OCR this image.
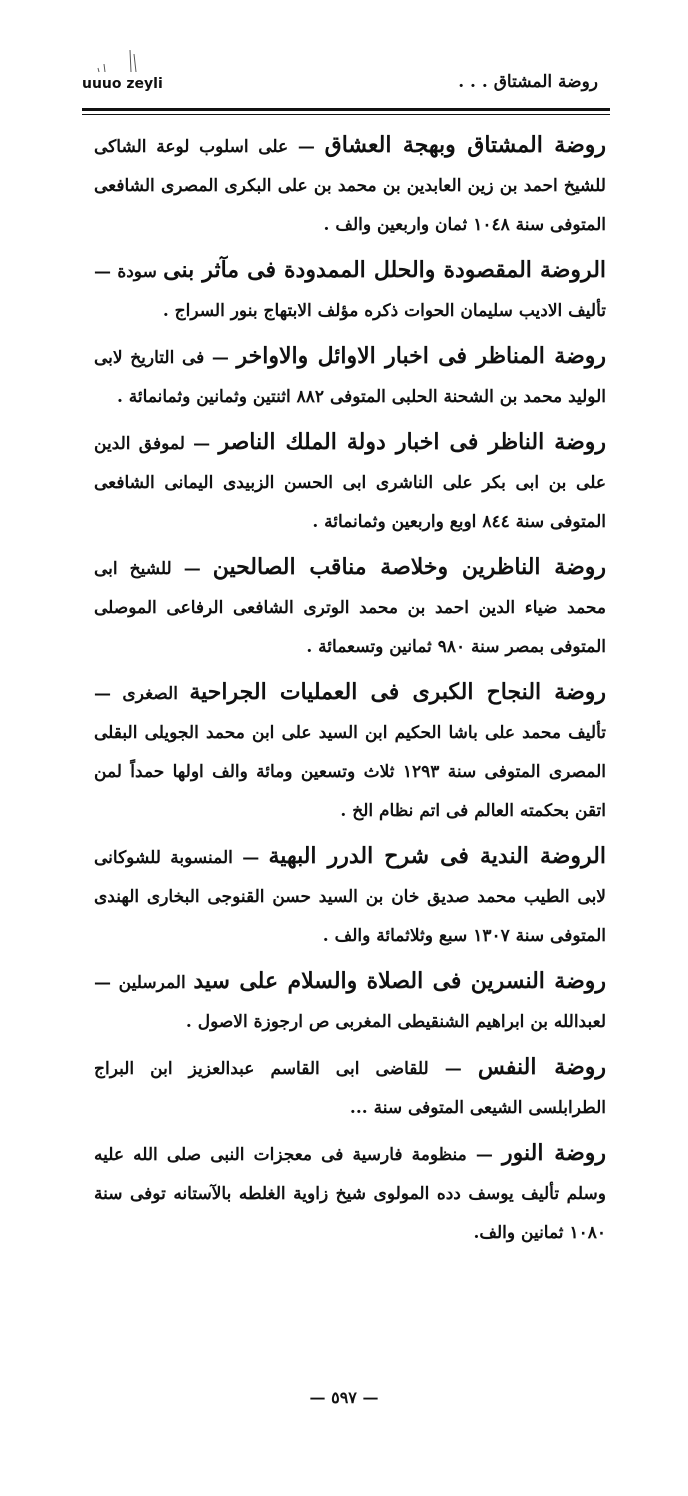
uuuo zeyli	روضة المشتاق . . .

روضة المشتاق وبهجة العشاق — على اسلوب لوعة الشاكى للشيخ احمد بن زين العابدين بن محمد بن على البكرى المصرى الشافعى المتوفى سنة ١٠٤٨ ثمان واربعين والف .

الروضة المقصودة والحلل الممدودة فى مآثر بنى سودة — تأليف الاديب سليمان الحوات ذكره مؤلف الابتهاج بنور السراج .

روضة المناظر فى اخبار الاوائل والاواخر — فى التاريخ لابى الوليد محمد بن الشحنة الحلبى المتوفى ٨٨٢ اثنتين وثمانين وثمانمائة .

روضة الناظر فى اخبار دولة الملك الناصر — لموفق الدين على بن ابى بكر على الناشرى ابى الحسن الزبيدى اليمانى الشافعى المتوفى سنة ٨٤٤ اوبع واربعين وثمانمائة .

روضة الناظرين وخلاصة مناقب الصالحين — للشيخ ابى محمد ضياء الدين احمد بن محمد الوترى الشافعى الرفاعى الموصلى المتوفى بمصر سنة ٩٨٠ ثمانين وتسعمائة .

روضة النجاح الكبرى فى العمليات الجراحية الصغرى — تأليف محمد على باشا الحكيم ابن السيد على ابن محمد الجويلى البقلى المصرى المتوفى سنة ١٢٩٣ ثلاث وتسعين ومائة والف اولها حمداً لمن اتقن بحكمته العالم فى اتم نظام الخ .

الروضة الندية فى شرح الدرر البهية — المنسوبة للشوكانى لابى الطيب محمد صديق خان بن السيد حسن القنوجى البخارى الهندى المتوفى سنة ١٣٠٧ سبع وثلاثمائة والف .

روضة النسرين فى الصلاة والسلام على سيد المرسلين — لعبدالله بن ابراهيم الشنقيطى المغربى ص ارجوزة الاصول .

روضة النفس — للقاضى ابى القاسم عبدالعزيز ابن البراج الطرابلسى الشيعى المتوفى سنة ...

روضة النور — منظومة فارسية فى معجزات النبى صلى الله عليه وسلم تأليف يوسف دده المولوى شيخ زاوية الغلطه بالآستانه توفى سنة ١٠٨٠ ثمانين والف.

— ٥٩٧ —
